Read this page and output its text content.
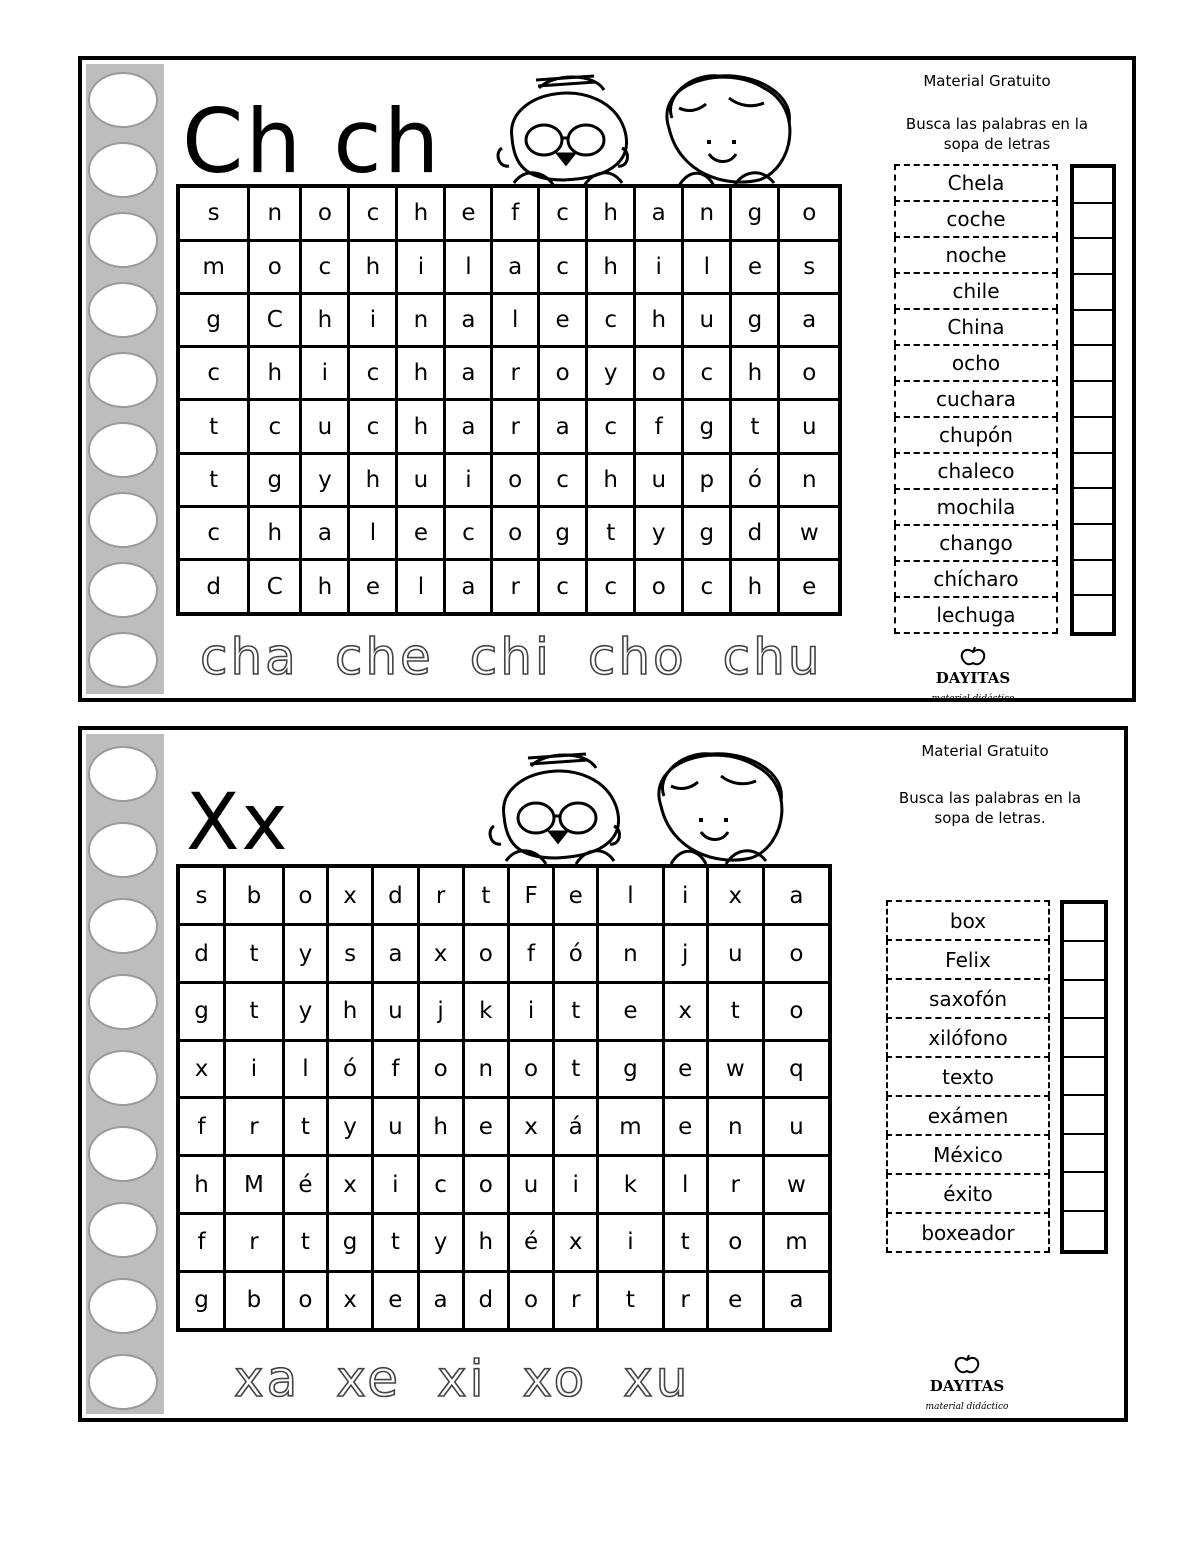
Ch ch
s	n	o	c	h	e	f	c	h	a	n	g	o
m	o	c	h	i	l	a	c	h	i	l	e	s
g	C	h	i	n	a	l	e	c	h	u	g	a
c	h	i	c	h	a	r	o	y	o	c	h	o
t	c	u	c	h	a	r	a	c	f	g	t	u
t	g	y	h	u	i	o	c	h	u	p	ó	n
c	h	a	l	e	c	o	g	t	y	g	d	w
d	C	h	e	l	a	r	c	c	o	c	h	e
cha che chi cho chu
Material Gratuito
Busca las palabras en la sopa de letras
Chela
coche
noche
chile
China
ocho
cuchara
chupón
chaleco
mochila
chango
chícharo
lechuga
DAYITAS
material didáctico
Xx
s	b	o	x	d	r	t	F	e	l	i	x	a
d	t	y	s	a	x	o	f	ó	n	j	u	o
g	t	y	h	u	j	k	i	t	e	x	t	o
x	i	l	ó	f	o	n	o	t	g	e	w	q
f	r	t	y	u	h	e	x	á	m	e	n	u
h	M	é	x	i	c	o	u	i	k	l	r	w
f	r	t	g	t	y	h	é	x	i	t	o	m
g	b	o	x	e	a	d	o	r	t	r	e	a
xa xe xi xo xu
Material Gratuito
Busca las palabras en la sopa de letras.
box
Felix
saxofón
xilófono
texto
exámen
México
éxito
boxeador
DAYITAS
material didáctico
